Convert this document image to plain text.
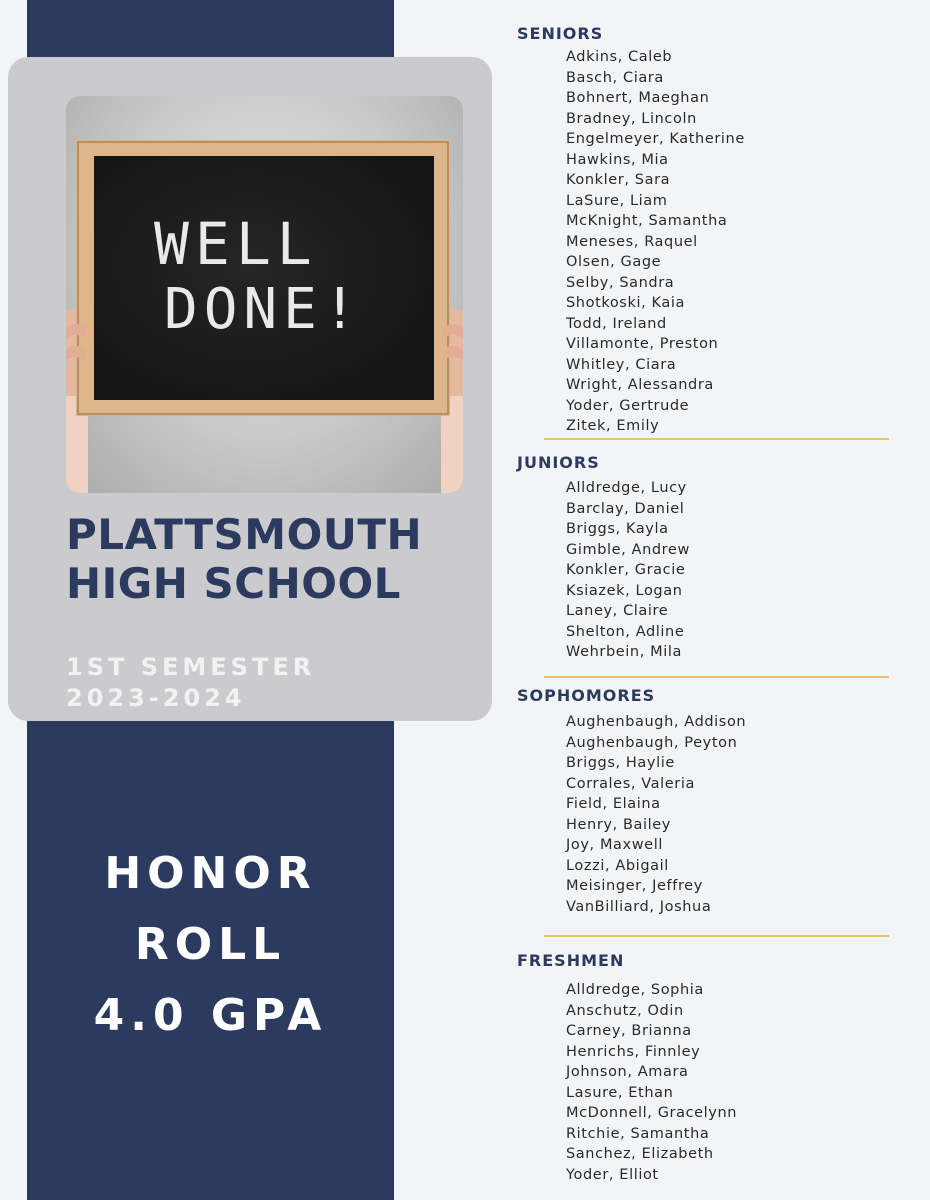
WELL
DONE!
PLATTSMOUTH
HIGH SCHOOL
1ST SEMESTER
2023-2024
HONOR
ROLL
4.0 GPA
SENIORS
Adkins, Caleb
Basch, Ciara
Bohnert, Maeghan
Bradney, Lincoln
Engelmeyer, Katherine
Hawkins, Mia
Konkler, Sara
LaSure, Liam
McKnight, Samantha
Meneses, Raquel
Olsen, Gage
Selby, Sandra
Shotkoski, Kaia
Todd, Ireland
Villamonte, Preston
Whitley, Ciara
Wright, Alessandra
Yoder, Gertrude
Zitek, Emily
JUNIORS
Alldredge, Lucy
Barclay, Daniel
Briggs, Kayla
Gimble, Andrew
Konkler, Gracie
Ksiazek, Logan
Laney, Claire
Shelton, Adline
Wehrbein, Mila
SOPHOMORES
Aughenbaugh, Addison
Aughenbaugh, Peyton
Briggs, Haylie
Corrales, Valeria
Field, Elaina
Henry, Bailey
Joy, Maxwell
Lozzi, Abigail
Meisinger, Jeffrey
VanBilliard, Joshua
FRESHMEN
Alldredge, Sophia
Anschutz, Odin
Carney, Brianna
Henrichs, Finnley
Johnson, Amara
Lasure, Ethan
McDonnell, Gracelynn
Ritchie, Samantha
Sanchez, Elizabeth
Yoder, Elliot
